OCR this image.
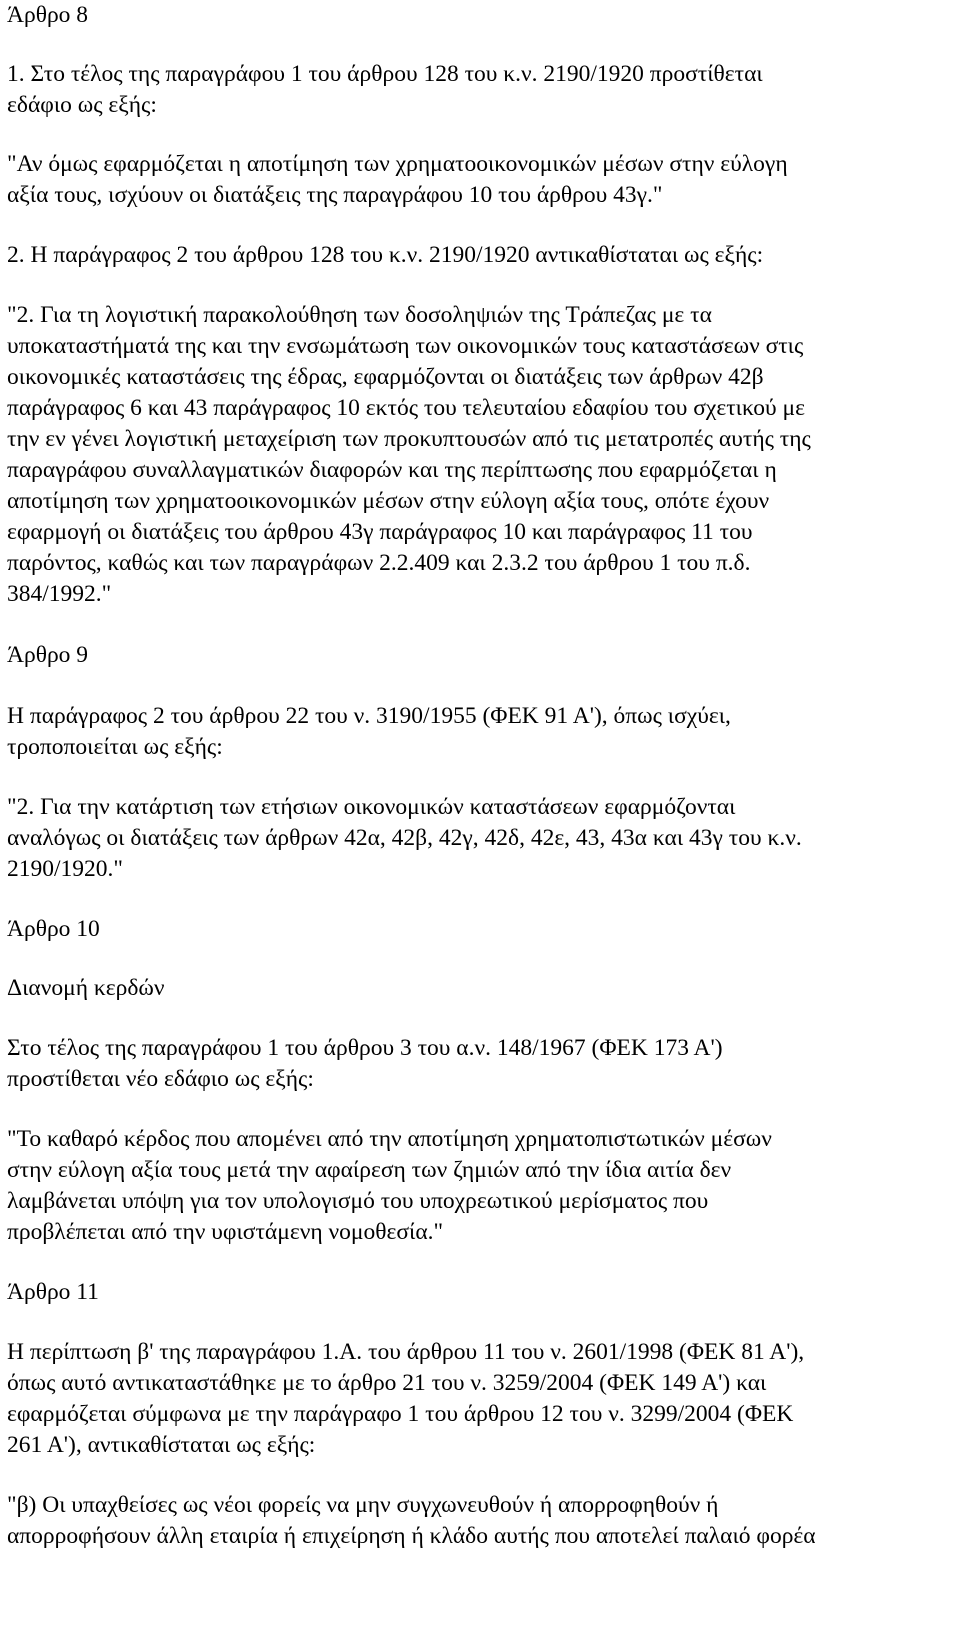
Άρθρο 8
1. Στο τέλος της παραγράφου 1 του άρθρου 128 του κ.ν. 2190/1920 προστίθεται
εδάφιο ως εξής:
"Αν όμως εφαρμόζεται η αποτίμηση των χρηματοοικονομικών μέσων στην εύλογη
αξία τους, ισχύουν οι διατάξεις της παραγράφου 10 του άρθρου 43γ."
2. Η παράγραφος 2 του άρθρου 128 του κ.ν. 2190/1920 αντικαθίσταται ως εξής:
"2. Για τη λογιστική παρακολούθηση των δοσοληψιών της Τράπεζας με τα
υποκαταστήματά της και την ενσωμάτωση των οικονομικών τους καταστάσεων στις
οικονομικές καταστάσεις της έδρας, εφαρμόζονται οι διατάξεις των άρθρων 42β
παράγραφος 6 και 43 παράγραφος 10 εκτός του τελευταίου εδαφίου του σχετικού με
την εν γένει λογιστική μεταχείριση των προκυπτουσών από τις μετατροπές αυτής της
παραγράφου συναλλαγματικών διαφορών και της περίπτωσης που εφαρμόζεται η
αποτίμηση των χρηματοοικονομικών μέσων στην εύλογη αξία τους, οπότε έχουν
εφαρμογή οι διατάξεις του άρθρου 43γ παράγραφος 10 και παράγραφος 11 του
παρόντος, καθώς και των παραγράφων 2.2.409 και 2.3.2 του άρθρου 1 του π.δ.
384/1992."
Άρθρο 9
Η παράγραφος 2 του άρθρου 22 του ν. 3190/1955 (ΦΕΚ 91 Α'), όπως ισχύει,
τροποποιείται ως εξής:
"2. Για την κατάρτιση των ετήσιων οικονομικών καταστάσεων εφαρμόζονται
αναλόγως οι διατάξεις των άρθρων 42α, 42β, 42γ, 42δ, 42ε, 43, 43α και 43γ του κ.ν.
2190/1920."
Άρθρο 10
Διανομή κερδών
Στο τέλος της παραγράφου 1 του άρθρου 3 του α.ν. 148/1967 (ΦΕΚ 173 Α')
προστίθεται νέο εδάφιο ως εξής:
"Το καθαρό κέρδος που απομένει από την αποτίμηση χρηματοπιστωτικών μέσων
στην εύλογη αξία τους μετά την αφαίρεση των ζημιών από την ίδια αιτία δεν
λαμβάνεται υπόψη για τον υπολογισμό του υποχρεωτικού μερίσματος που
προβλέπεται από την υφιστάμενη νομοθεσία."
Άρθρο 11
Η περίπτωση β' της παραγράφου 1.Α. του άρθρου 11 του ν. 2601/1998 (ΦΕΚ 81 Α'),
όπως αυτό αντικαταστάθηκε με το άρθρο 21 του ν. 3259/2004 (ΦΕΚ 149 Α') και
εφαρμόζεται σύμφωνα με την παράγραφο 1 του άρθρου 12 του ν. 3299/2004 (ΦΕΚ
261 Α'), αντικαθίσταται ως εξής:
"β) Οι υπαχθείσες ως νέοι φορείς να μην συγχωνευθούν ή απορροφηθούν ή
απορροφήσουν άλλη εταιρία ή επιχείρηση ή κλάδο αυτής που αποτελεί παλαιό φορέα
